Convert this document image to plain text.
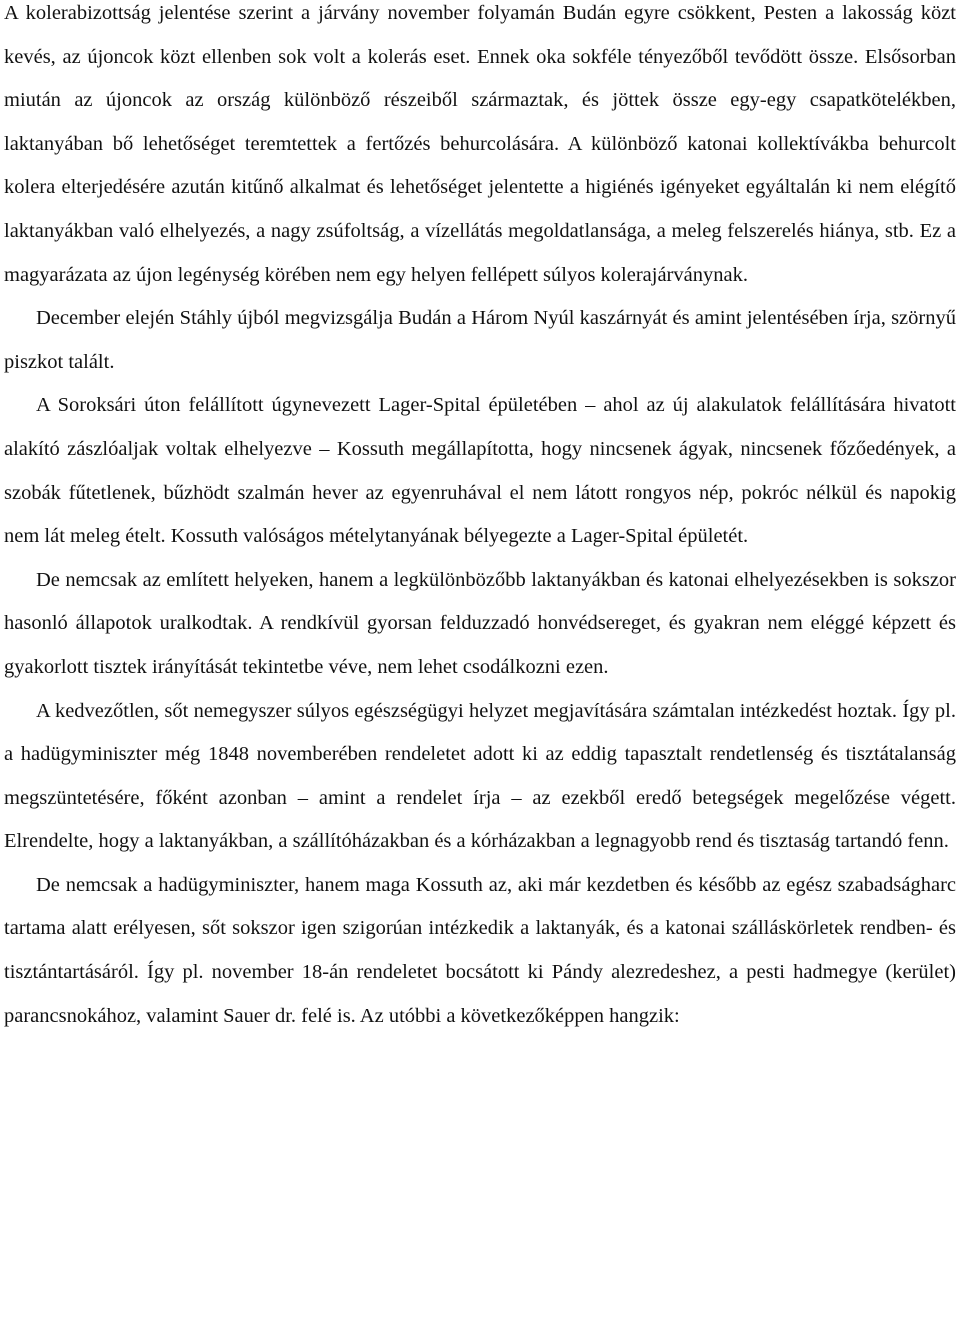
A kolerabizottság jelentése szerint a járvány november folyamán Budán egyre csökkent, Pesten a lakosság közt kevés, az újoncok közt ellenben sok volt a kolerás eset. Ennek oka sokféle tényezőből tevődött össze. Elsősorban miután az újoncok az ország különböző részeiből származtak, és jöttek össze egy-egy csapatkötelékben, laktanyában bő lehetőséget teremtettek a fertőzés behurcolására. A különböző katonai kollektívákba behurcolt kolera elterjedésére azután kitűnő alkalmat és lehetőséget jelentette a higiénés igényeket egyáltalán ki nem elégítő laktanyákban való elhelyezés, a nagy zsúfoltság, a vízellátás megoldatlansága, a meleg felszerelés hiánya, stb. Ez a magyarázata az újon legénység körében nem egy helyen fellépett súlyos kolerajárványnak.

December elején Stáhly újból megvizsgálja Budán a Három Nyúl kaszárnyát és amint jelentésében írja, szörnyű piszkot talált.

A Soroksári úton felállított úgynevezett Lager-Spital épületében – ahol az új alakulatok felállítására hivatott alakító zászlóaljak voltak elhelyezve – Kossuth megállapította, hogy nincsenek ágyak, nincsenek főzőedények, a szobák fűtetlenek, bűzhödt szalmán hever az egyenruhával el nem látott rongyos nép, pokróc nélkül és napokig nem lát meleg ételt. Kossuth valóságos mételytanyának bélyegezte a Lager-Spital épületét.

De nemcsak az említett helyeken, hanem a legkülönbözőbb laktanyákban és katonai elhelyezésekben is sokszor hasonló állapotok uralkodtak. A rendkívül gyorsan felduzzadó honvédsereget, és gyakran nem eléggé képzett és gyakorlott tisztek irányítását tekintetbe véve, nem lehet csodálkozni ezen.

A kedvezőtlen, sőt nemegyszer súlyos egészségügyi helyzet megjavítására számtalan intézkedést hoztak. Így pl. a hadügyminiszter még 1848 novemberében rendeletet adott ki az eddig tapasztalt rendetlenség és tisztátalanság megszüntetésére, főként azonban – amint a rendelet írja – az ezekből eredő betegségek megelőzése végett. Elrendelte, hogy a laktanyákban, a szállítóházakban és a kórházakban a legnagyobb rend és tisztaság tartandó fenn.

De nemcsak a hadügyminiszter, hanem maga Kossuth az, aki már kezdetben és később az egész szabadságharc tartama alatt erélyesen, sőt sokszor igen szigorúan intézkedik a laktanyák, és a katonai szálláskörletek rendben- és tisztántartásáról. Így pl. november 18-án rendeletet bocsátott ki Pándy alezredeshez, a pesti hadmegye (kerület) parancsnokához, valamint Sauer dr. felé is. Az utóbbi a következőképpen hangzik:
